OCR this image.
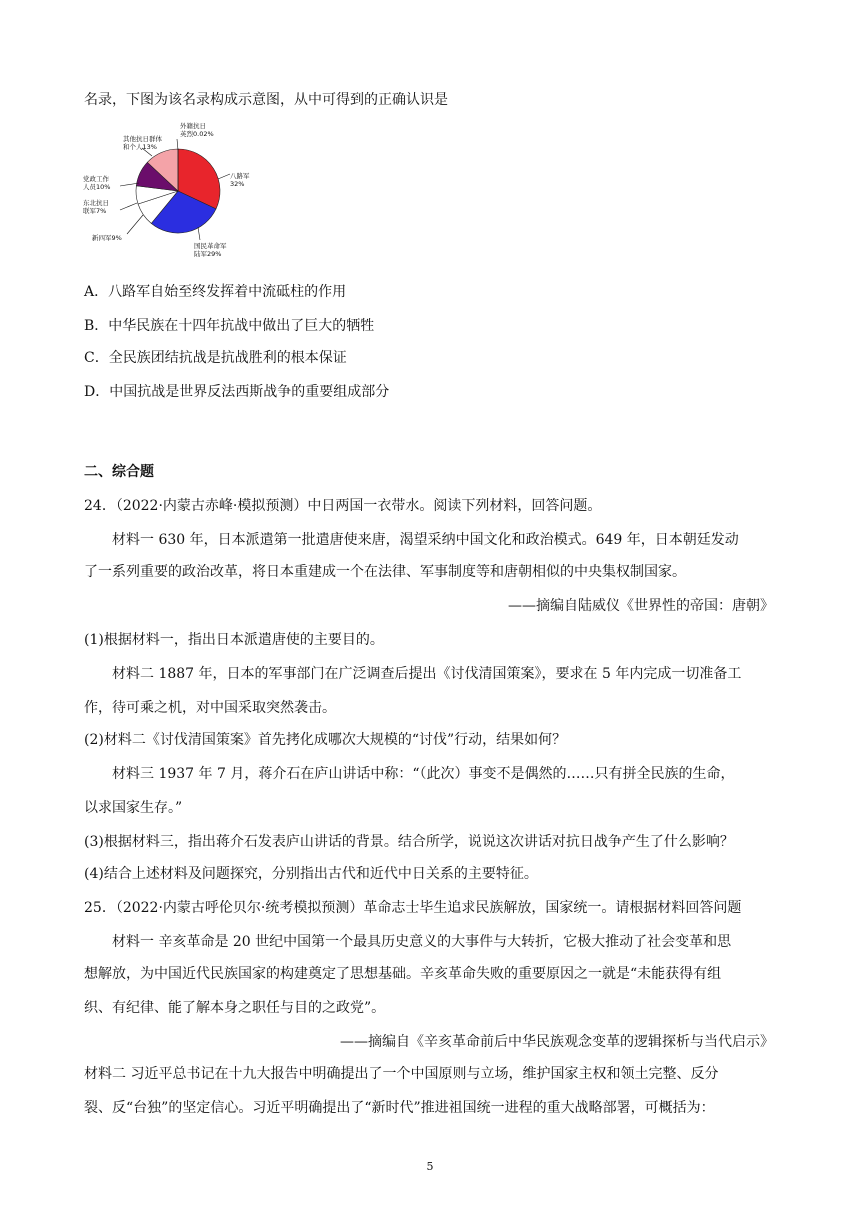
名录，下图为该名录构成示意图，从中可得到的正确认识是
外籍抗日
英烈0.02%
其他抗日群体
和个人13%
八路军
32%
党政工作
人员10%
东北抗日
联军7%
新四军9%
国民革命军
陆军29%
A．八路军自始至终发挥着中流砥柱的作用
B．中华民族在十四年抗战中做出了巨大的牺牲
C．全民族团结抗战是抗战胜利的根本保证
D．中国抗战是世界反法西斯战争的重要组成部分
二、综合题
24．（2022·内蒙古赤峰·模拟预测）中日两国一衣带水。阅读下列材料，回答问题。
材料一 630 年，日本派遣第一批遣唐使来唐，渴望采纳中国文化和政治模式。649 年，日本朝廷发动
了一系列重要的政治改革，将日本重建成一个在法律、军事制度等和唐朝相似的中央集权制国家。
——摘编自陆威仪《世界性的帝国：唐朝》
(1)根据材料一，指出日本派遣唐使的主要目的。
材料二 1887 年，日本的军事部门在广泛调查后提出《讨伐清国策案》，要求在 5 年内完成一切准备工
作，待可乘之机，对中国采取突然袭击。
(2)材料二《讨伐清国策案》首先拷化成哪次大规模的“讨伐”行动，结果如何？
材料三 1937 年 7 月，蒋介石在庐山讲话中称：“（此次）事变不是偶然的……只有拼全民族的生命，
以求国家生存。”
(3)根据材料三，指出蒋介石发表庐山讲话的背景。结合所学，说说这次讲话对抗日战争产生了什么影响？
(4)结合上述材料及问题探究，分别指出古代和近代中日关系的主要特征。
25．（2022·内蒙古呼伦贝尔·统考模拟预测）革命志士毕生追求民族解放，国家统一。请根据材料回答问题
材料一 辛亥革命是 20 世纪中国第一个最具历史意义的大事件与大转折，它极大推动了社会变革和思
想解放，为中国近代民族国家的构建奠定了思想基础。辛亥革命失败的重要原因之一就是“未能获得有组
织、有纪律、能了解本身之职任与目的之政党”。
——摘编自《辛亥革命前后中华民族观念变革的逻辑探析与当代启示》
材料二 习近平总书记在十九大报告中明确提出了一个中国原则与立场，维护国家主权和领土完整、反分
裂、反“台独”的坚定信心。习近平明确提出了“新时代”推进祖国统一进程的重大战略部署，可概括为：
5
